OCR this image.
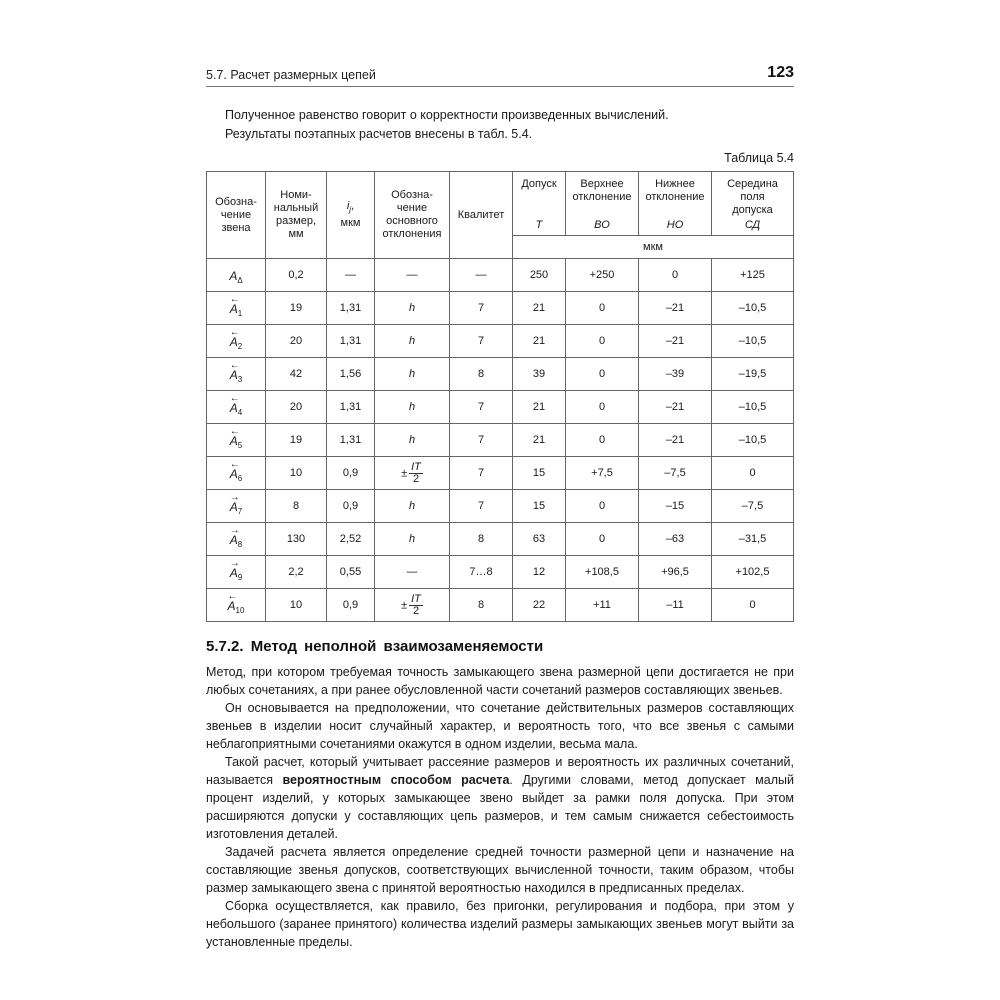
5.7. Расчет размерных цепей	123

Полученное равенство говорит о корректности произведенных вычислений.

Результаты поэтапных расчетов внесены в табл. 5.4.

Таблица 5.4
Обозна-
чение
звена	Номи-
нальный
размер,
мм	$i_j$,
мкм	Обозна-
чение
основного
отклонения	Квалитет	Допуск
T	Верхнее
отклонение
ВО	Нижнее
отклонение
НО	Середина
поля
допуска
СД

					мкм			

$A_\Delta$	0,2	—	—	—	250	+250	0	+125

←
$A_1$	19	1,31	h	7	21	0	–21	–10,5

←
$A_2$	20	1,31	h	7	21	0	–21	–10,5

←
$A_3$	42	1,56	h	8	39	0	–39	–19,5

←
$A_4$	20	1,31	h	7	21	0	–21	–10,5

←
$A_5$	19	1,31	h	7	21	0	–21	–10,5

←
$A_6$	10	0,9	± $\frac{IT}{2}$	7	15	+7,5	–7,5	0

→
$A_7$	8	0,9	h	7	15	0	–15	–7,5

→
$A_8$	130	2,52	h	8	63	0	–63	–31,5

→
$A_9$	2,2	0,55	—	7…8	12	+108,5	+96,5	+102,5

←
$A_{10}$	10	0,9	± $\frac{IT}{2}$	8	22	+11	–11	0
5.7.2. Метод неполной взаимозаменяемости

Метод, при котором требуемая точность замыкающего звена размерной цепи достигается не при любых сочетаниях, а при ранее обусловленной части сочетаний размеров составляющих звеньев.

Он основывается на предположении, что сочетание действительных размеров составляющих звеньев в изделии носит случайный характер, и вероятность того, что все звенья с самыми неблагоприятными сочетаниями окажутся в одном изделии, весьма мала.

Такой расчет, который учитывает рассеяние размеров и вероятность их различных сочетаний, называется вероятностным способом расчета. Другими словами, метод допускает малый процент изделий, у которых замыкающее звено выйдет за рамки поля допуска. При этом расширяются допуски у составляющих цепь размеров, и тем самым снижается себестоимость изготовления деталей.

Задачей расчета является определение средней точности размерной цепи и назначение на составляющие звенья допусков, соответствующих вычисленной точности, таким образом, чтобы размер замыкающего звена с принятой вероятностью находился в предписанных пределах.

Сборка осуществляется, как правило, без пригонки, регулирования и подбора, при этом у небольшого (заранее принятого) количества изделий размеры замыкающих звеньев могут выйти за установленные пределы.
